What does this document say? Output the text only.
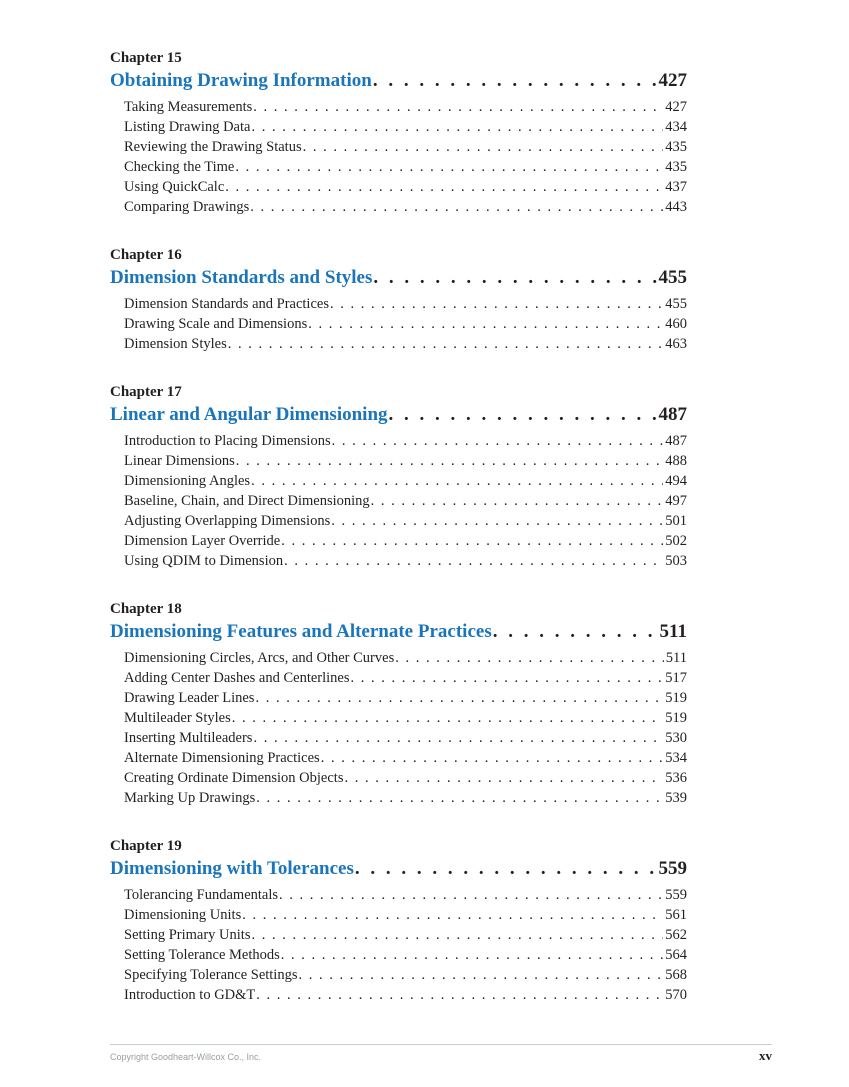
Chapter 15
Obtaining Drawing Information . . .	427
Taking Measurements . . .	427
Listing Drawing Data . . .	434
Reviewing the Drawing Status . . .	435
Checking the Time . . .	435
Using QuickCalc . . .	437
Comparing Drawings . . .	443
Chapter 16
Dimension Standards and Styles . . .	455
Dimension Standards and Practices . . .	455
Drawing Scale and Dimensions . . .	460
Dimension Styles . . .	463
Chapter 17
Linear and Angular Dimensioning . . .	487
Introduction to Placing Dimensions . . .	487
Linear Dimensions . . .	488
Dimensioning Angles . . .	494
Baseline, Chain, and Direct Dimensioning . . .	497
Adjusting Overlapping Dimensions . . .	501
Dimension Layer Override . . .	502
Using QDIM to Dimension . . .	503
Chapter 18
Dimensioning Features and Alternate Practices . . .	511
Dimensioning Circles, Arcs, and Other Curves . . .	511
Adding Center Dashes and Centerlines . . .	517
Drawing Leader Lines . . .	519
Multileader Styles . . .	519
Inserting Multileaders . . .	530
Alternate Dimensioning Practices . . .	534
Creating Ordinate Dimension Objects . . .	536
Marking Up Drawings . . .	539
Chapter 19
Dimensioning with Tolerances . . .	559
Tolerancing Fundamentals . . .	559
Dimensioning Units . . .	561
Setting Primary Units . . .	562
Setting Tolerance Methods . . .	564
Specifying Tolerance Settings . . .	568
Introduction to GD&T . . .	570
Copyright Goodheart-Willcox Co., Inc.	xv
